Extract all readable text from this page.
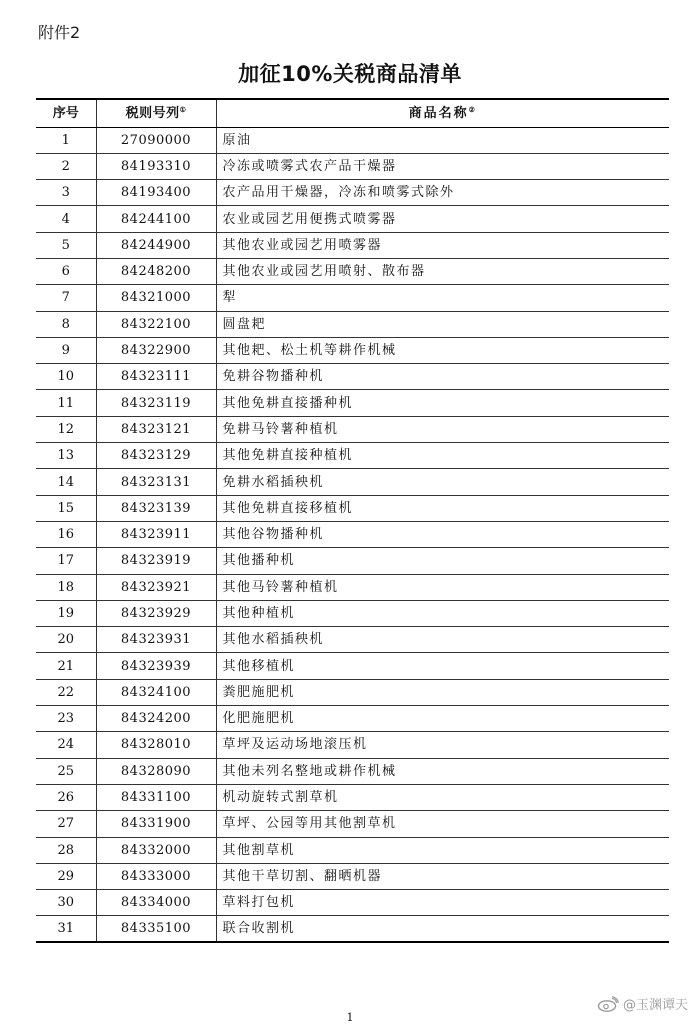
附件2
加征10%关税商品清单
序号	税则号列①	商品名称②
1	27090000	原油
2	84193310	冷冻或喷雾式农产品干燥器
3	84193400	农产品用干燥器，冷冻和喷雾式除外
4	84244100	农业或园艺用便携式喷雾器
5	84244900	其他农业或园艺用喷雾器
6	84248200	其他农业或园艺用喷射、散布器
7	84321000	犁
8	84322100	圆盘耙
9	84322900	其他耙、松土机等耕作机械
10	84323111	免耕谷物播种机
11	84323119	其他免耕直接播种机
12	84323121	免耕马铃薯种植机
13	84323129	其他免耕直接种植机
14	84323131	免耕水稻插秧机
15	84323139	其他免耕直接移植机
16	84323911	其他谷物播种机
17	84323919	其他播种机
18	84323921	其他马铃薯种植机
19	84323929	其他种植机
20	84323931	其他水稻插秧机
21	84323939	其他移植机
22	84324100	粪肥施肥机
23	84324200	化肥施肥机
24	84328010	草坪及运动场地滚压机
25	84328090	其他未列名整地或耕作机械
26	84331100	机动旋转式割草机
27	84331900	草坪、公园等用其他割草机
28	84332000	其他割草机
29	84333000	其他干草切割、翻晒机器
30	84334000	草料打包机
31	84335100	联合收割机
1
@玉渊谭天
